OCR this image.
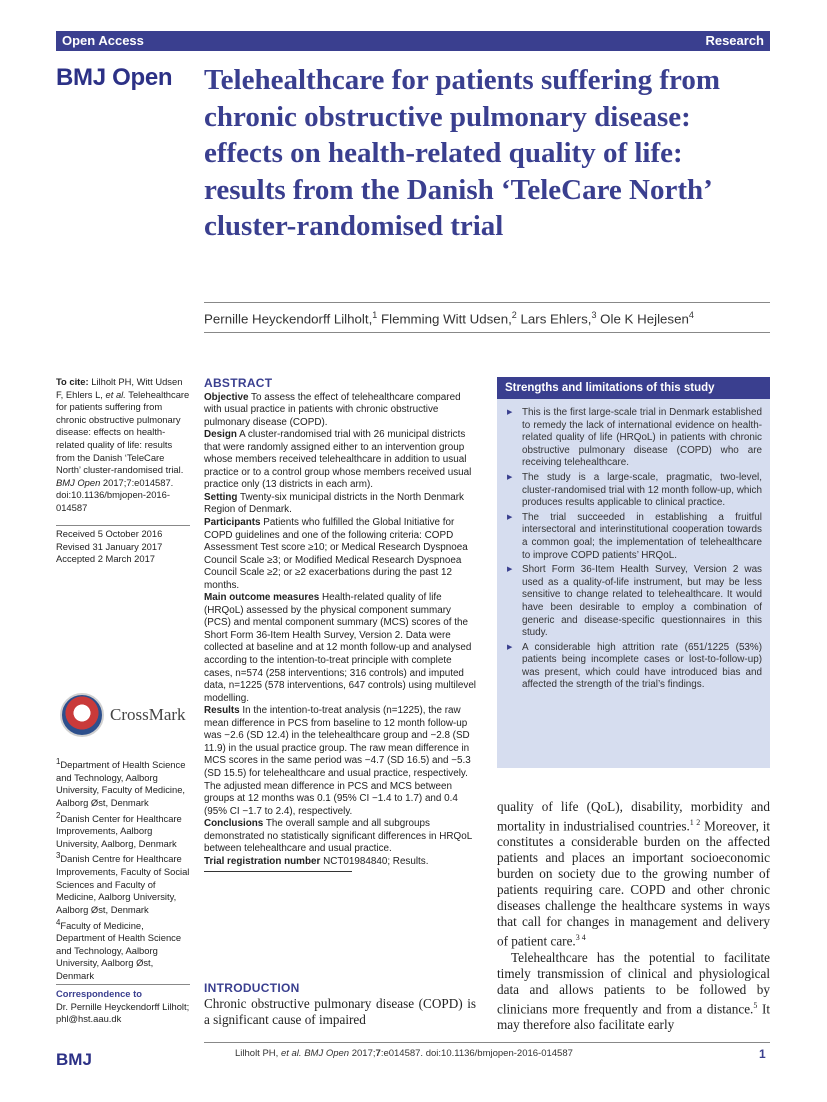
Open Access	Research
BMJ Open Telehealthcare for patients suffering from chronic obstructive pulmonary disease: effects on health-related quality of life: results from the Danish ‘TeleCare North’ cluster-randomised trial
Pernille Heyckendorff Lilholt,$^1$ Flemming Witt Udsen,$^2$ Lars Ehlers,$^3$ Ole K Hejlesen$^4$
To cite: Lilholt PH, Witt Udsen F, Ehlers L, et al. Telehealthcare for patients suffering from chronic obstructive pulmonary disease: effects on health-related quality of life: results from the Danish ‘TeleCare North’ cluster-randomised trial. BMJ Open 2017;7:e014587. doi:10.1136/bmjopen-2016-014587
Received 5 October 2016
Revised 31 January 2017
Accepted 2 March 2017
CrossMark
$^1$Department of Health Science and Technology, Aalborg University, Faculty of Medicine, Aalborg Øst, Denmark
$^2$Danish Center for Healthcare Improvements, Aalborg University, Aalborg, Denmark
$^3$Danish Centre for Healthcare Improvements, Faculty of Social Sciences and Faculty of Medicine, Aalborg University, Aalborg Øst, Denmark
$^4$Faculty of Medicine, Department of Health Science and Technology, Aalborg University, Aalborg Øst, Denmark
Correspondence to
Dr. Pernille Heyckendorff Lilholt; phl@hst.aau.dk
ABSTRACT

Objective To assess the effect of telehealthcare compared with usual practice in patients with chronic obstructive pulmonary disease (COPD).

Design A cluster-randomised trial with 26 municipal districts that were randomly assigned either to an intervention group whose members received telehealthcare in addition to usual practice or to a control group whose members received usual practice only (13 districts in each arm).

Setting Twenty-six municipal districts in the North Denmark Region of Denmark.

Participants Patients who fulfilled the Global Initiative for COPD guidelines and one of the following criteria: COPD Assessment Test score ≥10; or Medical Research Dyspnoea Council Scale ≥3; or Modified Medical Research Dyspnoea Council Scale ≥2; or ≥2 exacerbations during the past 12 months.

Main outcome measures Health-related quality of life (HRQoL) assessed by the physical component summary (PCS) and mental component summary (MCS) scores of the Short Form 36-Item Health Survey, Version 2. Data were collected at baseline and at 12 month follow-up and analysed according to the intention-to-treat principle with complete cases, n=574 (258 interventions; 316 controls) and imputed data, n=1225 (578 interventions, 647 controls) using multilevel modelling.

Results In the intention-to-treat analysis (n=1225), the raw mean difference in PCS from baseline to 12 month follow-up was −2.6 (SD 12.4) in the telehealthcare group and −2.8 (SD 11.9) in the usual practice group. The raw mean difference in MCS scores in the same period was −4.7 (SD 16.5) and −5.3 (SD 15.5) for telehealthcare and usual practice, respectively. The adjusted mean difference in PCS and MCS between groups at 12 months was 0.1 (95% CI −1.4 to 1.7) and 0.4 (95% CI −1.7 to 2.4), respectively.

Conclusions The overall sample and all subgroups demonstrated no statistically significant differences in HRQoL between telehealthcare and usual practice.

Trial registration number NCT01984840; Results.

Strengths and limitations of this study
▶ This is the first large-scale trial in Denmark established to remedy the lack of international evidence on health-related quality of life (HRQoL) in patients with chronic obstructive pulmonary disease (COPD) who are receiving telehealthcare.
▶ The study is a large-scale, pragmatic, two-level, cluster-randomised trial with 12 month follow-up, which produces results applicable to clinical practice.
▶ The trial succeeded in establishing a fruitful intersectoral and interinstitutional cooperation towards a common goal; the implementation of telehealthcare to improve COPD patients’ HRQoL.
▶ Short Form 36-Item Health Survey, Version 2 was used as a quality-of-life instrument, but may be less sensitive to change related to telehealthcare. It would have been desirable to employ a combination of generic and disease-specific questionnaires in this study.
▶ A considerable high attrition rate (651/1225 (53%) patients being incomplete cases or lost-to-follow-up) was present, which could have introduced bias and affected the strength of the trial’s findings.
INTRODUCTION
Chronic obstructive pulmonary disease (COPD) is a significant cause of impaired

quality of life (QoL), disability, morbidity and mortality in industrialised countries.$^{1 2}$ Moreover, it constitutes a considerable burden on the affected patients and places an important socioeconomic burden on society due to the growing number of patients requiring care. COPD and other chronic diseases challenge the healthcare systems in ways that call for changes in management and delivery of patient care.$^{3 4}$

Telehealthcare has the potential to facilitate timely transmission of clinical and physiological data and allows patients to be followed by clinicians more frequently and from a distance.$^5$ It may therefore also facilitate early

BMJ	Lilholt PH, et al. BMJ Open 2017;7:e014587. doi:10.1136/bmjopen-2016-014587	1
